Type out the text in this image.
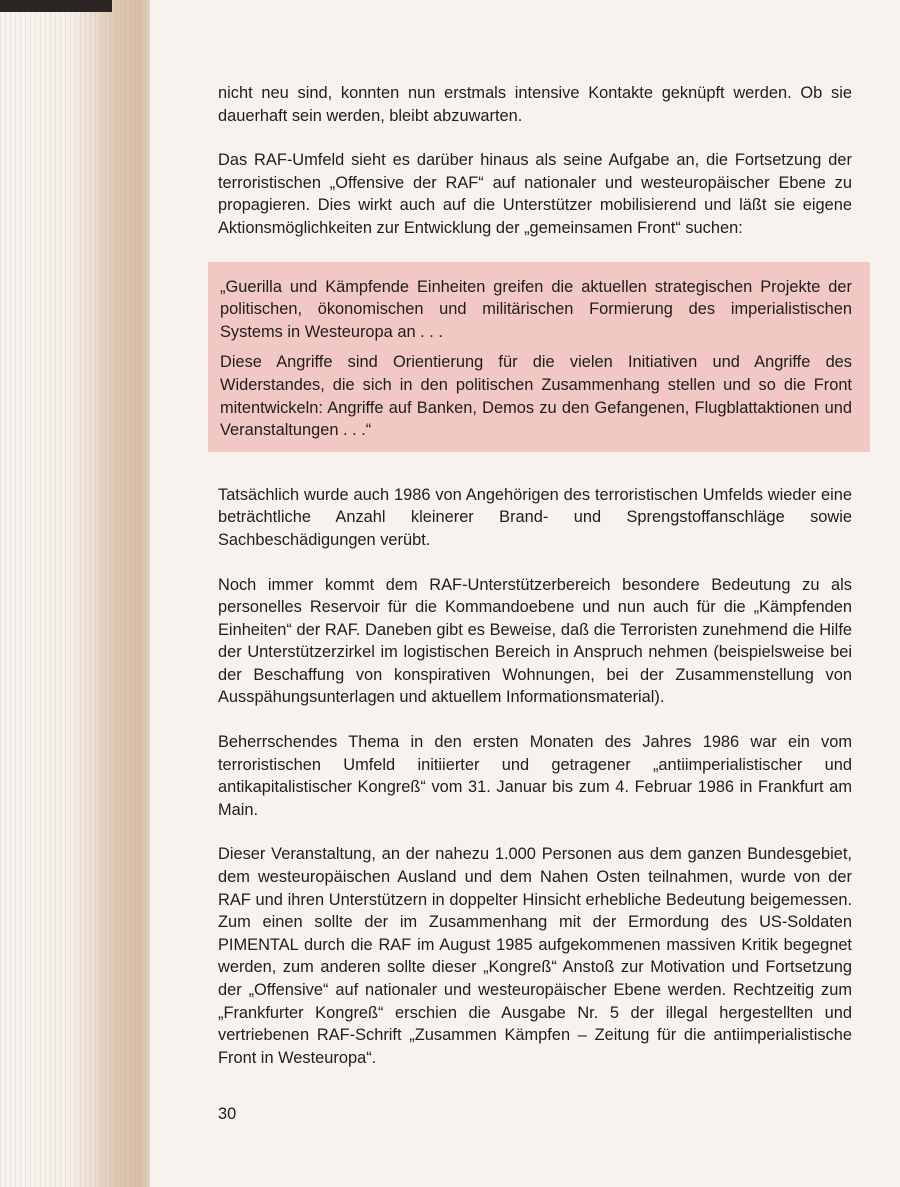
nicht neu sind, konnten nun erstmals intensive Kontakte geknüpft werden. Ob sie dauerhaft sein werden, bleibt abzuwarten.

Das RAF-Umfeld sieht es darüber hinaus als seine Aufgabe an, die Fortsetzung der terroristischen „Offensive der RAF“ auf nationaler und westeuropäischer Ebene zu propagieren. Dies wirkt auch auf die Unterstützer mobilisierend und läßt sie eigene Aktionsmöglichkeiten zur Entwicklung der „gemeinsamen Front“ suchen:

„Guerilla und Kämpfende Einheiten greifen die aktuellen strategischen Projekte der politischen, ökonomischen und militärischen Formierung des imperialistischen Systems in Westeuropa an . . .

Diese Angriffe sind Orientierung für die vielen Initiativen und Angriffe des Widerstandes, die sich in den politischen Zusammenhang stellen und so die Front mitentwickeln: Angriffe auf Banken, Demos zu den Gefangenen, Flugblattaktionen und Veranstaltungen . . .“

Tatsächlich wurde auch 1986 von Angehörigen des terroristischen Umfelds wieder eine beträchtliche Anzahl kleinerer Brand- und Sprengstoffanschläge sowie Sachbeschädigungen verübt.

Noch immer kommt dem RAF-Unterstützerbereich besondere Bedeutung zu als personelles Reservoir für die Kommandoebene und nun auch für die „Kämpfenden Einheiten“ der RAF. Daneben gibt es Beweise, daß die Terroristen zunehmend die Hilfe der Unterstützerzirkel im logistischen Bereich in Anspruch nehmen (beispielsweise bei der Beschaffung von konspirativen Wohnungen, bei der Zusammenstellung von Ausspähungsunterlagen und aktuellem Informationsmaterial).

Beherrschendes Thema in den ersten Monaten des Jahres 1986 war ein vom terroristischen Umfeld initiierter und getragener „antiimperialistischer und antikapitalistischer Kongreß“ vom 31. Januar bis zum 4. Februar 1986 in Frankfurt am Main.

Dieser Veranstaltung, an der nahezu 1.000 Personen aus dem ganzen Bundesgebiet, dem westeuropäischen Ausland und dem Nahen Osten teilnahmen, wurde von der RAF und ihren Unterstützern in doppelter Hinsicht erhebliche Bedeutung beigemessen. Zum einen sollte der im Zusammenhang mit der Ermordung des US-Soldaten PIMENTAL durch die RAF im August 1985 aufgekommenen massiven Kritik begegnet werden, zum anderen sollte dieser „Kongreß“ Anstoß zur Motivation und Fortsetzung der „Offensive“ auf nationaler und westeuropäischer Ebene werden. Rechtzeitig zum „Frankfurter Kongreß“ erschien die Ausgabe Nr. 5 der illegal hergestellten und vertriebenen RAF-Schrift „Zusammen Kämpfen – Zeitung für die antiimperialistische Front in Westeuropa“.

30
